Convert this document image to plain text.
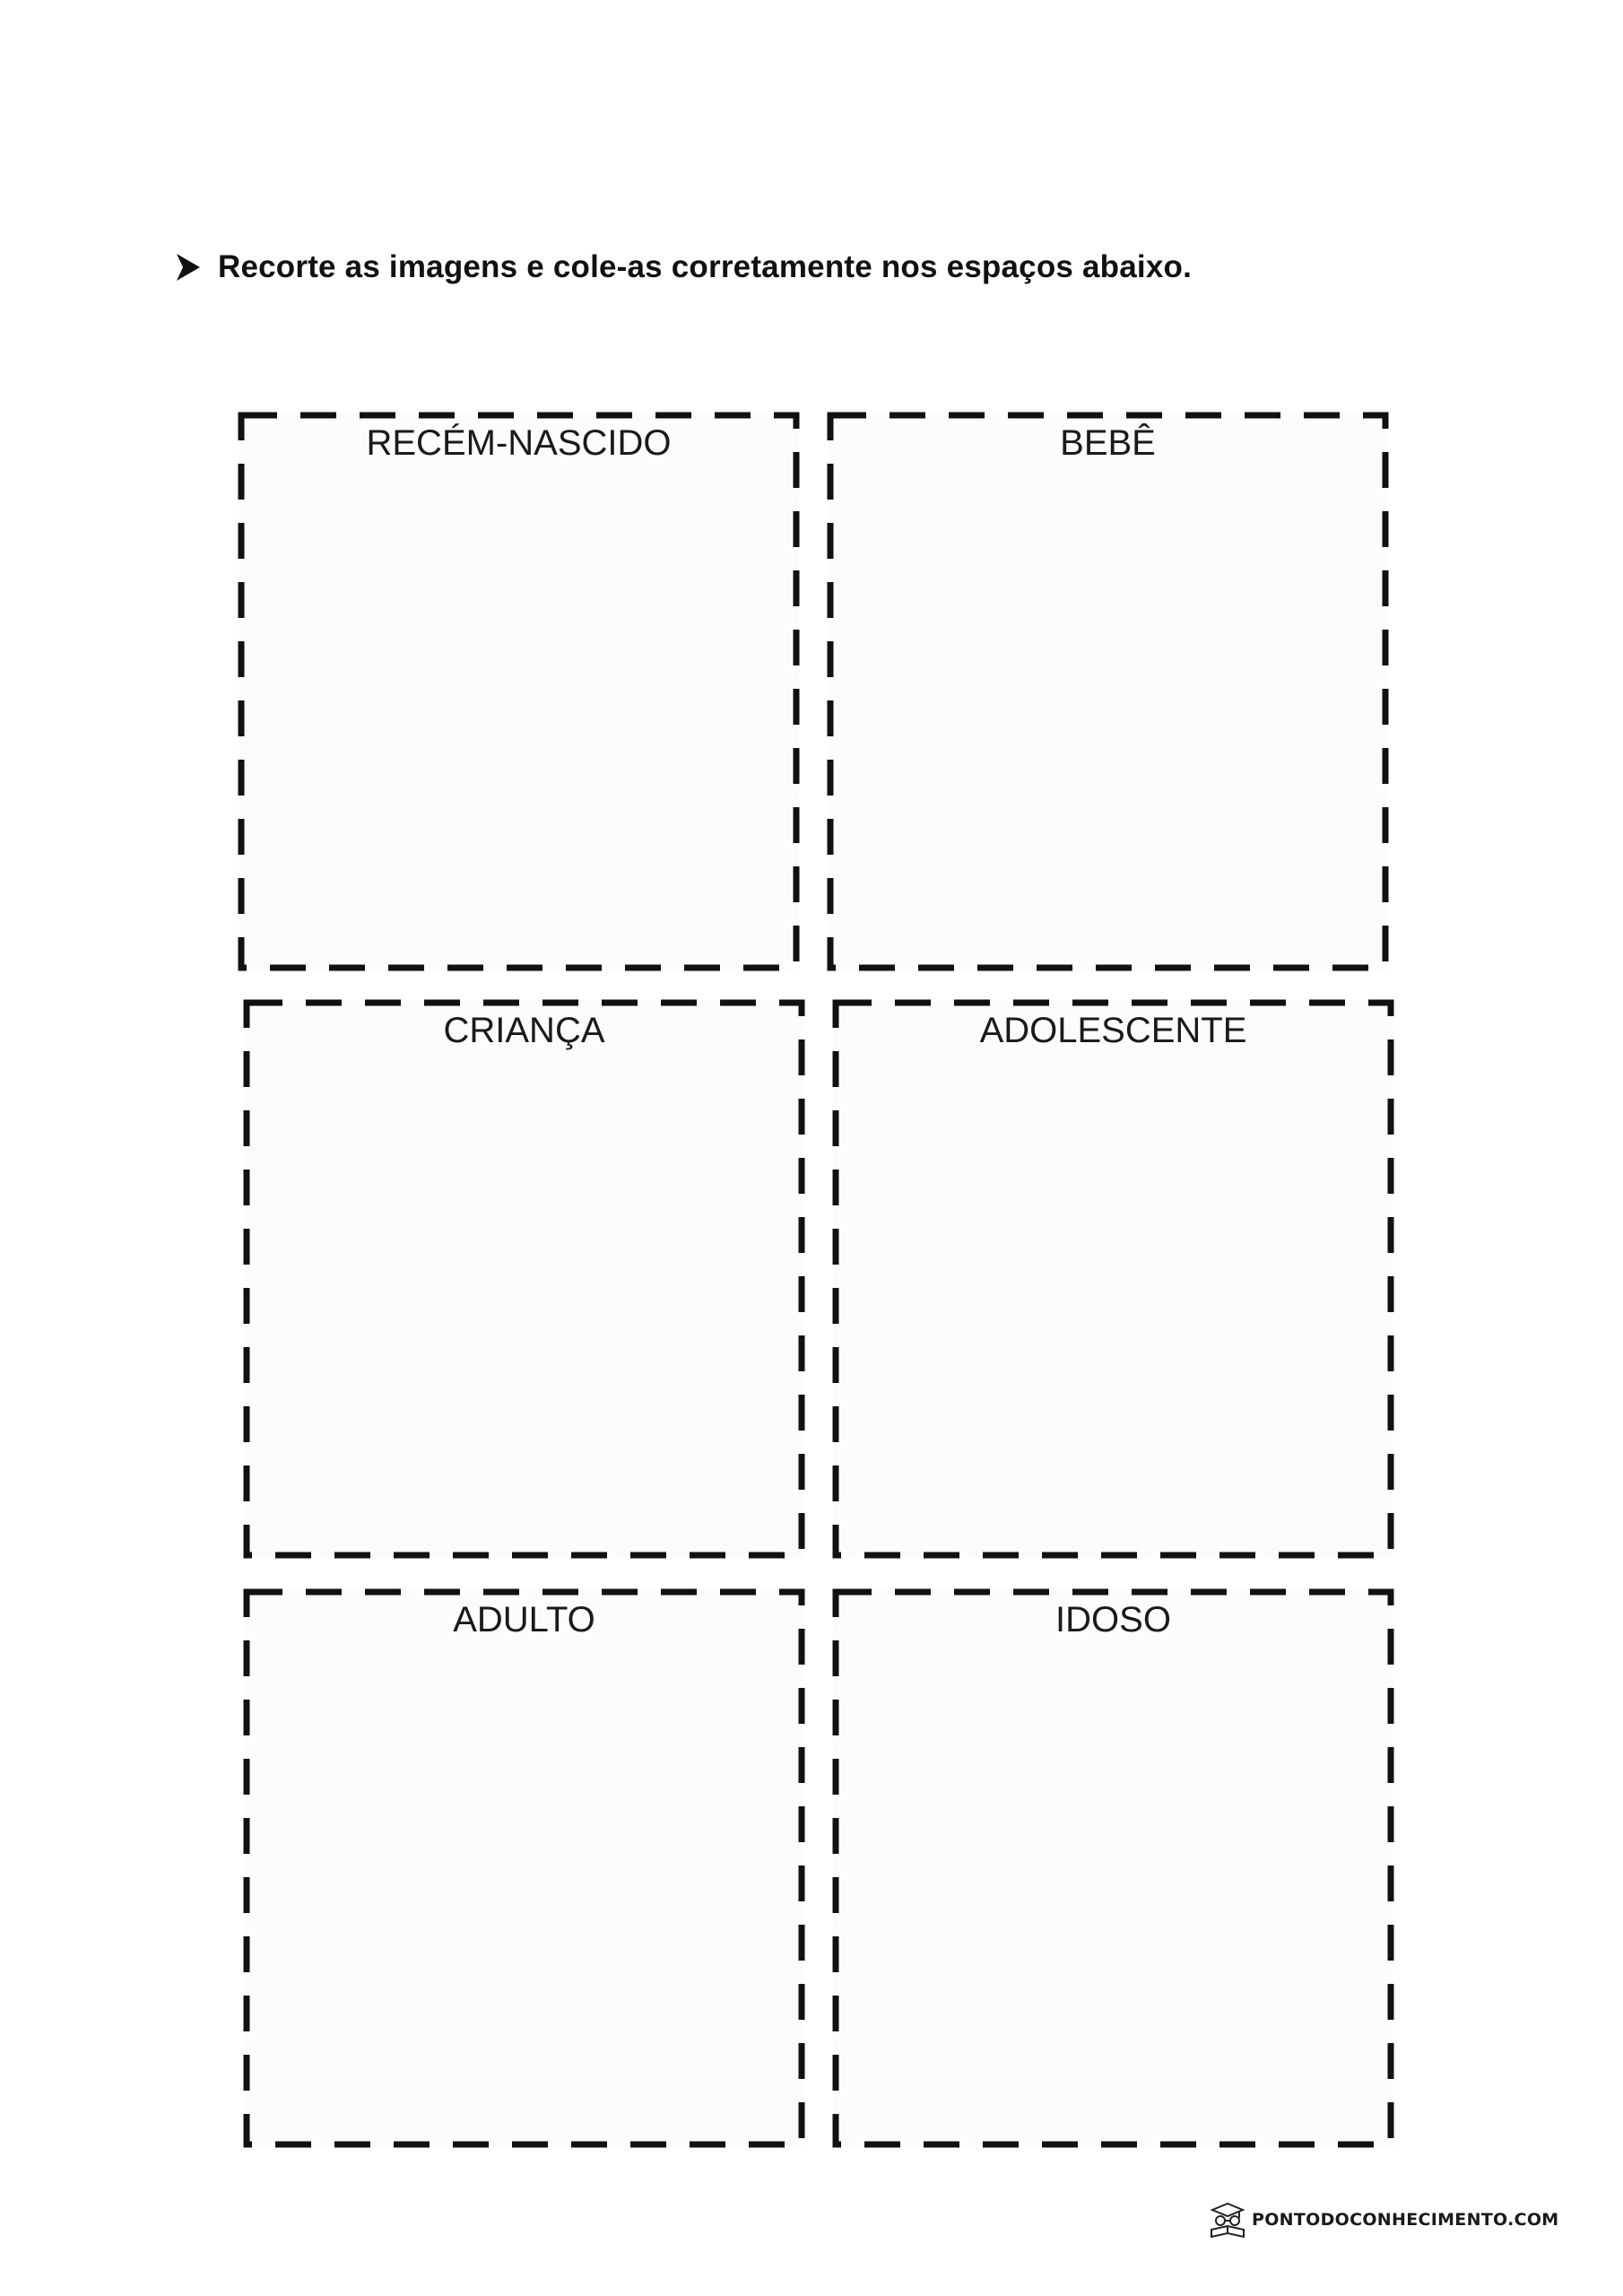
Recorte as imagens e cole-as corretamente nos espaços abaixo.
RECÉM-NASCIDO	BEBÊ
CRIANÇA	ADOLESCENTE
ADULTO	IDOSO
PONTODOCONHECIMENTO.COM
